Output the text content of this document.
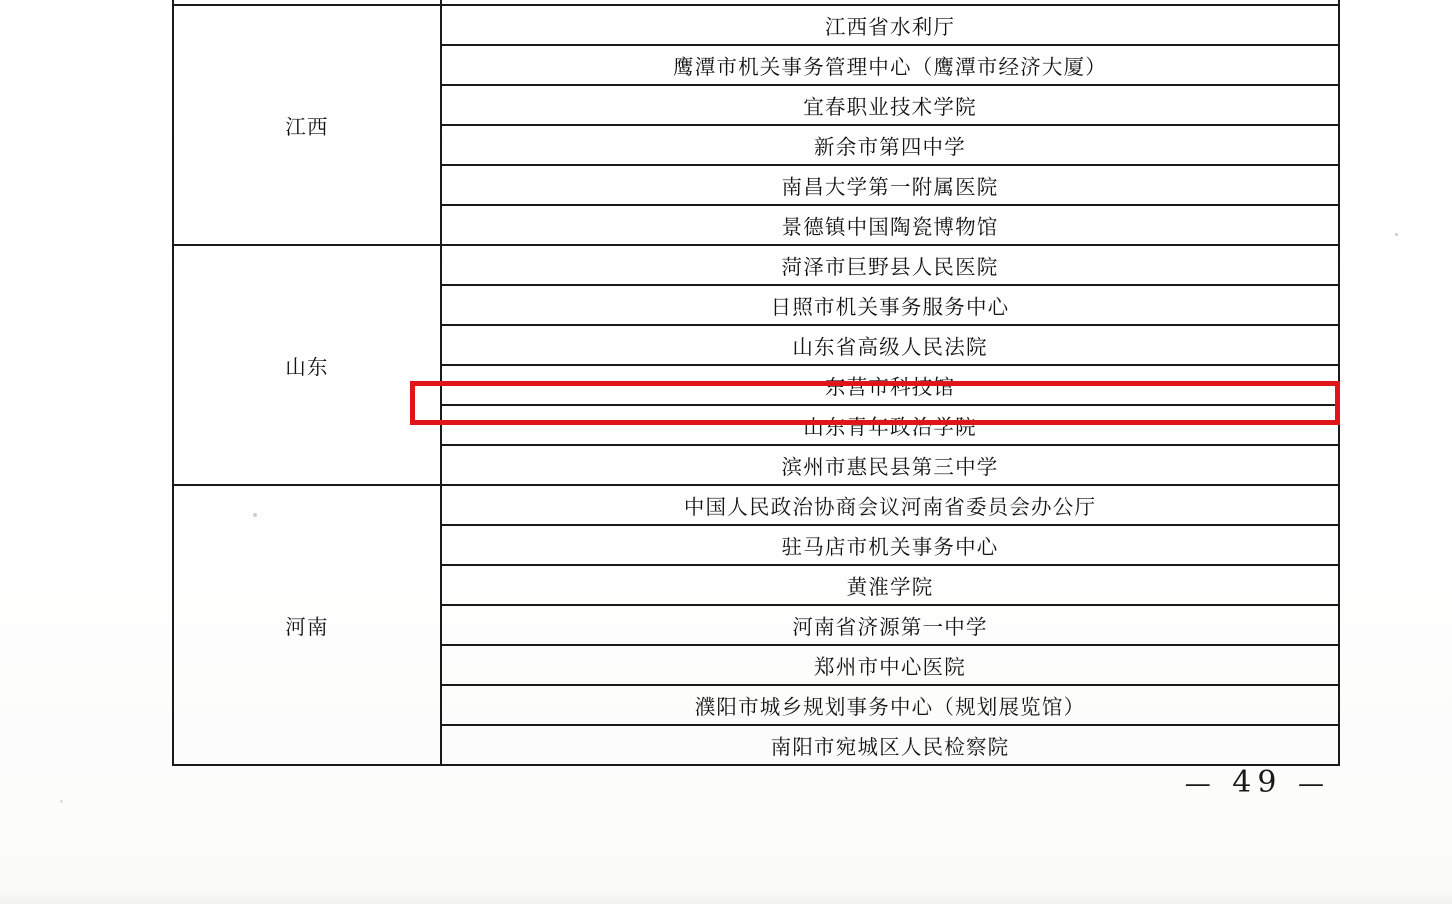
江西	江西省水利厅
	鹰潭市机关事务管理中心（鹰潭市经济大厦）
	宜春职业技术学院
	新余市第四中学
	南昌大学第一附属医院
	景德镇中国陶瓷博物馆
山东	菏泽市巨野县人民医院
	日照市机关事务服务中心
	山东省高级人民法院
	东营市科技馆
	山东青年政治学院
	滨州市惠民县第三中学
河南	中国人民政治协商会议河南省委员会办公厅
	驻马店市机关事务中心
	黄淮学院
	河南省济源第一中学
	郑州市中心医院
	濮阳市城乡规划事务中心（规划展览馆）
	南阳市宛城区人民检察院
— 49 —
